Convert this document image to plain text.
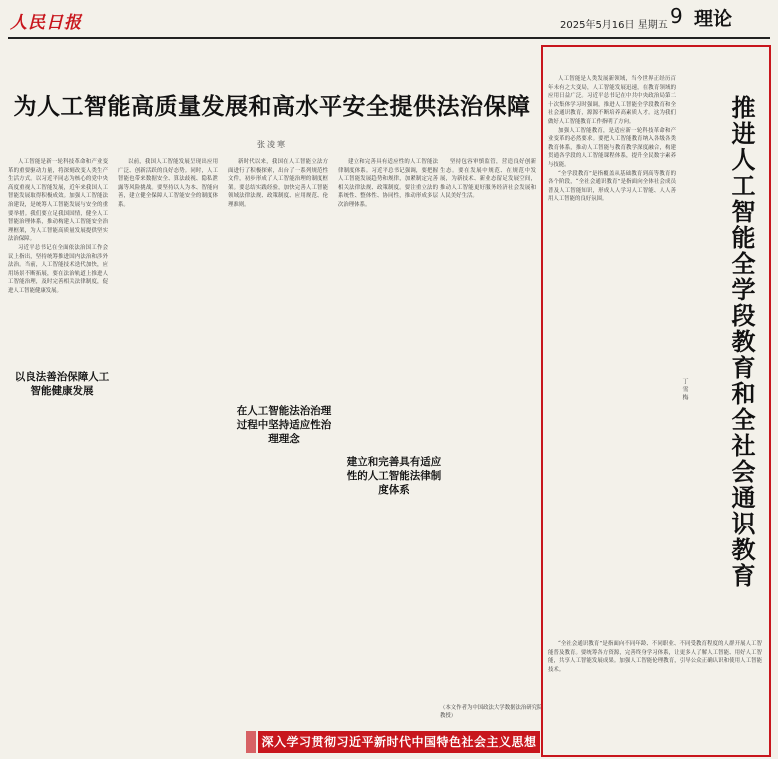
人民日报	2025年5月16日 星期五 9 理论
为人工智能高质量发展和高水平安全提供法治保障
张凌寒

人工智能是新一轮科技革命和产业变革的重要驱动力量，将深刻改变人类生产生活方式。以习近平同志为核心的党中央高度重视人工智能发展，近年来我国人工智能发展取得积极成效。加强人工智能法治建设，是统筹人工智能发展与安全的重要举措。我们要立足我国国情，健全人工智能治理体系，推动构建人工智能安全治理框架，为人工智能高质量发展提供坚实法治保障。

习近平总书记在全面依法治国工作会议上指出，坚持统筹推进国内法治和涉外法治。当前，人工智能技术迭代加快，应用场景不断拓展，要在法治轨道上推进人工智能治理，及时完善相关法律制度，促进人工智能健康发展。

以良法善治保障人工智能健康发展

以前，我国人工智能发展呈现出应用广泛、创新活跃的良好态势。同时，人工智能也带来数据安全、算法歧视、隐私泄露等风险挑战。要坚持以人为本、智能向善，建立健全保障人工智能安全的制度体系。

新时代以来，我国在人工智能立法方面进行了积极探索，出台了一系列规范性文件，初步形成了人工智能治理的制度框架。要总结实践经验，加快完善人工智能领域法律法规、政策制度、应用规范、伦理准则。

在人工智能法治治理过程中坚持适应性治理理念

建立和完善具有适应性的人工智能法律制度体系。习近平总书记强调，要把握人工智能发展趋势和规律，加紧制定完善相关法律法规、政策制度。要注重立法的系统性、整体性、协同性，推动形成多层次治理体系。

建立和完善具有适应性的人工智能法律制度体系

坚持包容审慎监管，营造良好创新生态。要在发展中规范、在规范中发展，为新技术、新业态留足发展空间，推动人工智能更好服务经济社会发展和人民美好生活。

（本文作者为中国政法大学数据法治研究院教授）
推进人工智能全学段教育和全社会通识教育
丁雪梅

人工智能是人类发展新领域，当今世界正经历百年未有之大变局，人工智能发展迅速，在教育领域的应用日益广泛。习近平总书记在中共中央政治局第二十次集体学习时强调，推进人工智能全学段教育和全社会通识教育，源源不断培养高素质人才。这为我们做好人工智能教育工作指明了方向。

加强人工智能教育，是适应新一轮科技革命和产业变革的必然要求。要把人工智能教育纳入各级各类教育体系，推动人工智能与教育教学深度融合，构建贯通各学段的人工智能课程体系，提升全民数字素养与技能。

“全学段教育”是指覆盖从基础教育到高等教育的各个阶段，“全社会通识教育”是指面向全体社会成员普及人工智能知识，形成人人学习人工智能、人人善用人工智能的良好氛围。

“全社会通识教育”是指面向不同年龄、不同职业、不同受教育程度的人群开展人工智能普及教育。要统筹各方资源，完善终身学习体系，让更多人了解人工智能、用好人工智能，共享人工智能发展成果。加强人工智能伦理教育，引导公众正确认识和使用人工智能技术。

深入学习贯彻习近平新时代中国特色社会主义思想
